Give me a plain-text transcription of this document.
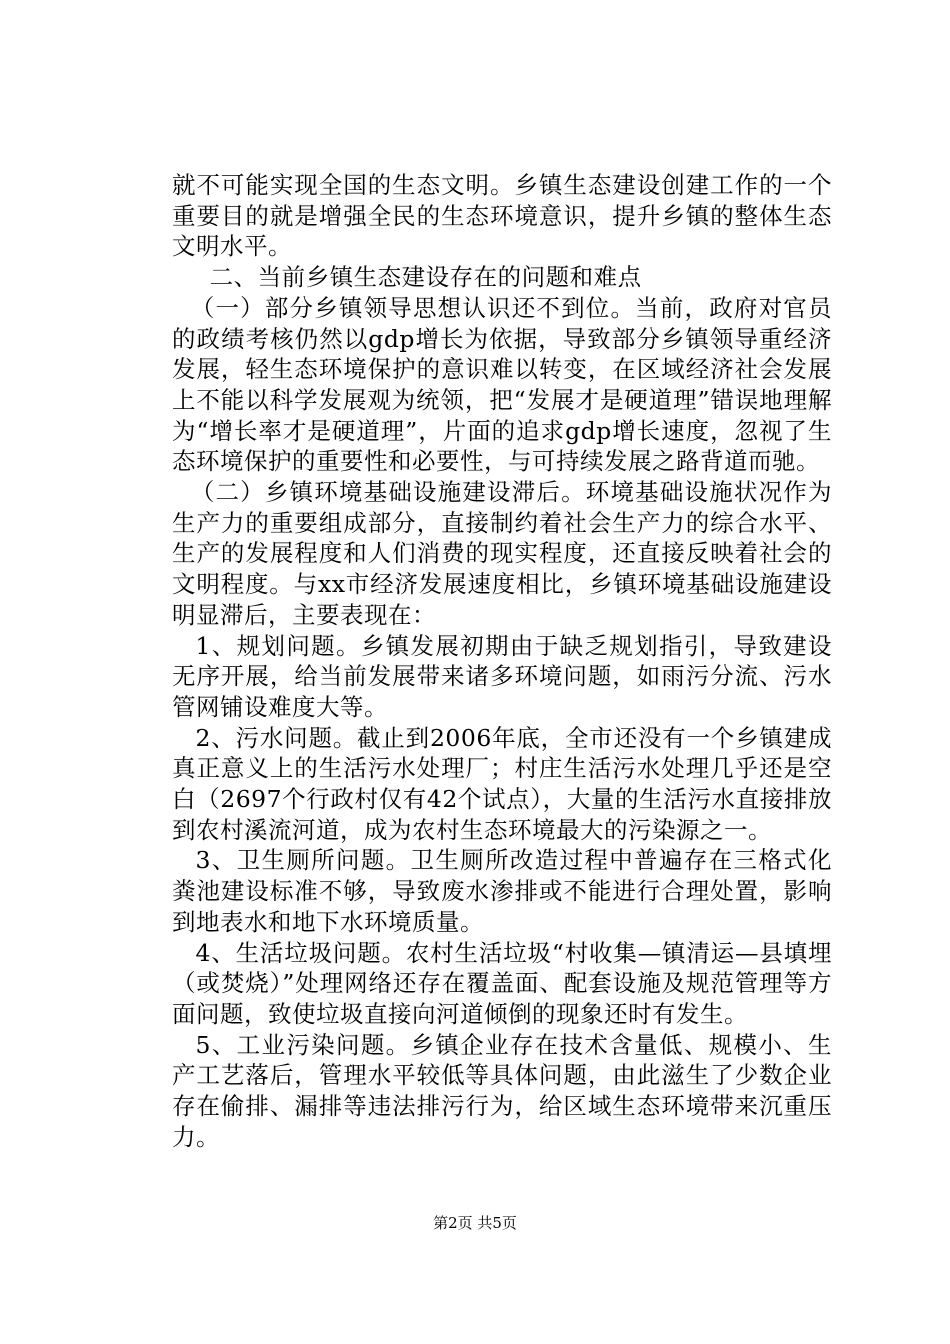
就不可能实现全国的生态文明。乡镇生态建设创建工作的一个重要目的就是增强全民的生态环境意识，提升乡镇的整体生态文明水平。

二、当前乡镇生态建设存在的问题和难点

（一）部分乡镇领导思想认识还不到位。当前，政府对官员的政绩考核仍然以gdp增长为依据，导致部分乡镇领导重经济发展，轻生态环境保护的意识难以转变，在区域经济社会发展上不能以科学发展观为统领，把“发展才是硬道理”错误地理解为“增长率才是硬道理”，片面的追求gdp增长速度，忽视了生态环境保护的重要性和必要性，与可持续发展之路背道而驰。

（二）乡镇环境基础设施建设滞后。环境基础设施状况作为生产力的重要组成部分，直接制约着社会生产力的综合水平、生产的发展程度和人们消费的现实程度，还直接反映着社会的文明程度。与xx市经济发展速度相比，乡镇环境基础设施建设明显滞后，主要表现在：

1、规划问题。乡镇发展初期由于缺乏规划指引，导致建设无序开展，给当前发展带来诸多环境问题，如雨污分流、污水管网铺设难度大等。

2、污水问题。截止到2006年底，全市还没有一个乡镇建成真正意义上的生活污水处理厂；村庄生活污水处理几乎还是空白（2697个行政村仅有42个试点），大量的生活污水直接排放到农村溪流河道，成为农村生态环境最大的污染源之一。

3、卫生厕所问题。卫生厕所改造过程中普遍存在三格式化粪池建设标准不够，导致废水渗排或不能进行合理处置，影响到地表水和地下水环境质量。

4、生活垃圾问题。农村生活垃圾“村收集—镇清运—县填埋（或焚烧）”处理网络还存在覆盖面、配套设施及规范管理等方面问题，致使垃圾直接向河道倾倒的现象还时有发生。

5、工业污染问题。乡镇企业存在技术含量低、规模小、生产工艺落后，管理水平较低等具体问题，由此滋生了少数企业存在偷排、漏排等违法排污行为，给区域生态环境带来沉重压力。

第2页 共5页
